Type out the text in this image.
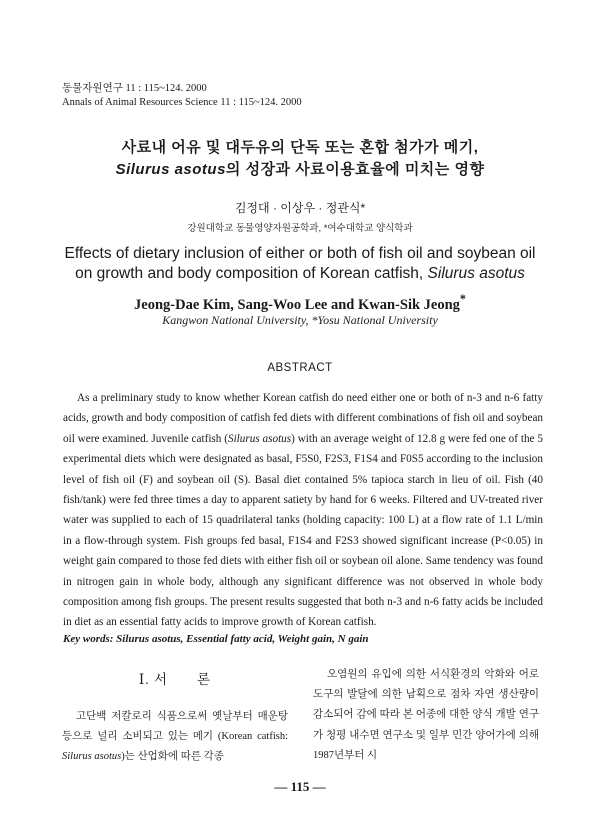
동물자원연구 11 : 115~124. 2000
Annals of Animal Resources Science 11 : 115~124. 2000
사료내 어유 및 대두유의 단독 또는 혼합 첨가가 메기,
Silurus asotus의 성장과 사료이용효율에 미치는 영향
김정대 · 이상우 · 정관식*
강원대학교 동물영양자원공학과, *여수대학교 양식학과
Effects of dietary inclusion of either or both of fish oil and soybean oil
on growth and body composition of Korean catfish, Silurus asotus
Jeong-Dae Kim, Sang-Woo Lee and Kwan-Sik Jeong*
Kangwon National University, *Yosu National University
ABSTRACT

As a preliminary study to know whether Korean catfish do need either one or both of n-3 and n-6 fatty acids, growth and body composition of catfish fed diets with different combinations of fish oil and soybean oil were examined. Juvenile catfish (Silurus asotus) with an average weight of 12.8 g were fed one of the 5 experimental diets which were designated as basal, F5S0, F2S3, F1S4 and F0S5 according to the inclusion level of fish oil (F) and soybean oil (S). Basal diet contained 5% tapioca starch in lieu of oil. Fish (40 fish/tank) were fed three times a day to apparent satiety by hand for 6 weeks. Filtered and UV-treated river water was supplied to each of 15 quadrilateral tanks (holding capacity: 100 L) at a flow rate of 1.1 L/min in a flow-through system. Fish groups fed basal, F1S4 and F2S3 showed significant increase (P<0.05) in weight gain compared to those fed diets with either fish oil or soybean oil alone. Same tendency was found in nitrogen gain in whole body, although any significant difference was not observed in whole body composition among fish groups. The present results suggested that both n-3 and n-6 fatty acids be included in diet as an essential fatty acids to improve growth of Korean catfish.

Key words: Silurus asotus, Essential fatty acid, Weight gain, N gain
Ⅰ. 서　　론

고단백 저칼로리 식품으로써 옛날부터 매운탕 등으로 널리 소비되고 있는 메기 (Korean catfish: Silurus asotus)는 산업화에 따른 각종

오염원의 유입에 의한 서식환경의 악화와 어로 도구의 발달에 의한 남획으로 점차 자연 생산량이 감소되어 감에 따라 본 어종에 대한 양식 개발 연구가 청평 내수면 연구소 및 일부 민간 양어가에 의해 1987년부터 시

— 115 —
